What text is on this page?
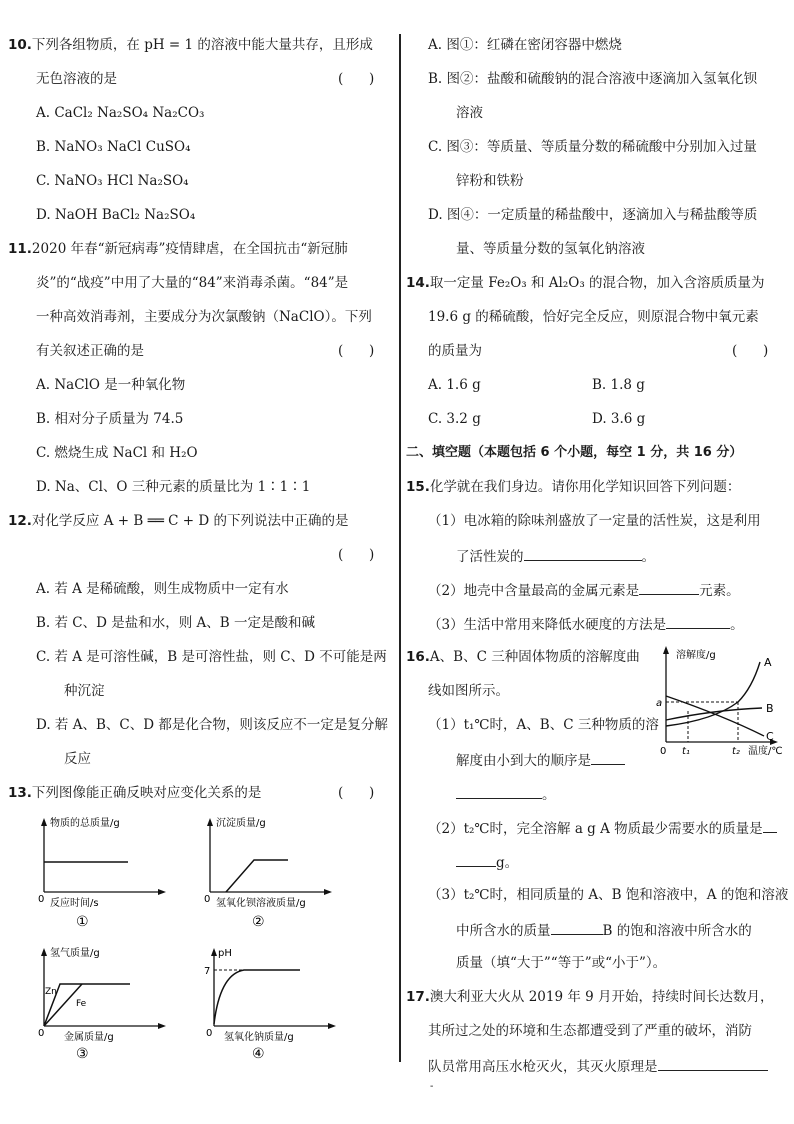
10.下列各组物质，在 pH = 1 的溶液中能大量共存，且形成
无色溶液的是	(      )
A. CaCl₂ Na₂SO₄ Na₂CO₃
B. NaNO₃ NaCl CuSO₄
C. NaNO₃ HCl Na₂SO₄
D. NaOH BaCl₂ Na₂SO₄
11.2020 年春“新冠病毒”疫情肆虐，在全国抗击“新冠肺
炎”的“战疫”中用了大量的“84”来消毒杀菌。“84”是
一种高效消毒剂，主要成分为次氯酸钠（NaClO）。下列
有关叙述正确的是	(      )
A. NaClO 是一种氧化物
B. 相对分子质量为 74.5
C. 燃烧生成 NaCl 和 H₂O
D. Na、Cl、O 三种元素的质量比为 1∶1∶1
12.对化学反应 A + B ══ C + D 的下列说法中正确的是
(      )
A. 若 A 是稀硫酸，则生成物质中一定有水
B. 若 C、D 是盐和水，则 A、B 一定是酸和碱
C. 若 A 是可溶性碱，B 是可溶性盐，则 C、D 不可能是两
种沉淀
D. 若 A、B、C、D 都是化合物，则该反应不一定是复分解
反应
13.下列图像能正确反映对应变化关系的是	(      )
物质的总质量/g
0 反应时间/s
①
沉淀质量/g
0 氢氧化钡溶液质量/g
②
氢气质量/g
Zn
Fe
0 金属质量/g
③
pH
7
0 氢氧化钠质量/g
④
A. 图①：红磷在密闭容器中燃烧
B. 图②：盐酸和硫酸钠的混合溶液中逐滴加入氢氧化钡
溶液
C. 图③：等质量、等质量分数的稀硫酸中分别加入过量
锌粉和铁粉
D. 图④：一定质量的稀盐酸中，逐滴加入与稀盐酸等质
量、等质量分数的氢氧化钠溶液
14.取一定量 Fe₂O₃ 和 Al₂O₃ 的混合物，加入含溶质质量为
19.6 g 的稀硫酸，恰好完全反应，则原混合物中氧元素
的质量为	(      )
A. 1.6 g	B. 1.8 g
C. 3.2 g	D. 3.6 g
二、填空题（本题包括 6 个小题，每空 1 分，共 16 分）
15.化学就在我们身边。请你用化学知识回答下列问题：
（1）电冰箱的除味剂盛放了一定量的活性炭，这是利用
了活性炭的	。
（2）地壳中含量最高的金属元素是	元素。
（3）生活中常用来降低水硬度的方法是	。
16.A、B、C 三种固体物质的溶解度曲
线如图所示。
（1）t₁℃时，A、B、C 三种物质的溶
解度由小到大的顺序是
。
溶解度/g
a
A
B
C
0 t₁	t₂ 温度/℃
（2）t₂℃时，完全溶解 a g A 物质最少需要水的质量是
g。
（3）t₂℃时，相同质量的 A、B 饱和溶液中，A 的饱和溶液
中所含水的质量	B 的饱和溶液中所含水的
质量（填“大于”“等于”或“小于”）。
17.澳大利亚大火从 2019 年 9 月开始，持续时间长达数月，
其所过之处的环境和生态都遭受到了严重的破坏，消防
队员常用高压水枪灭火，其灭火原理是
-
